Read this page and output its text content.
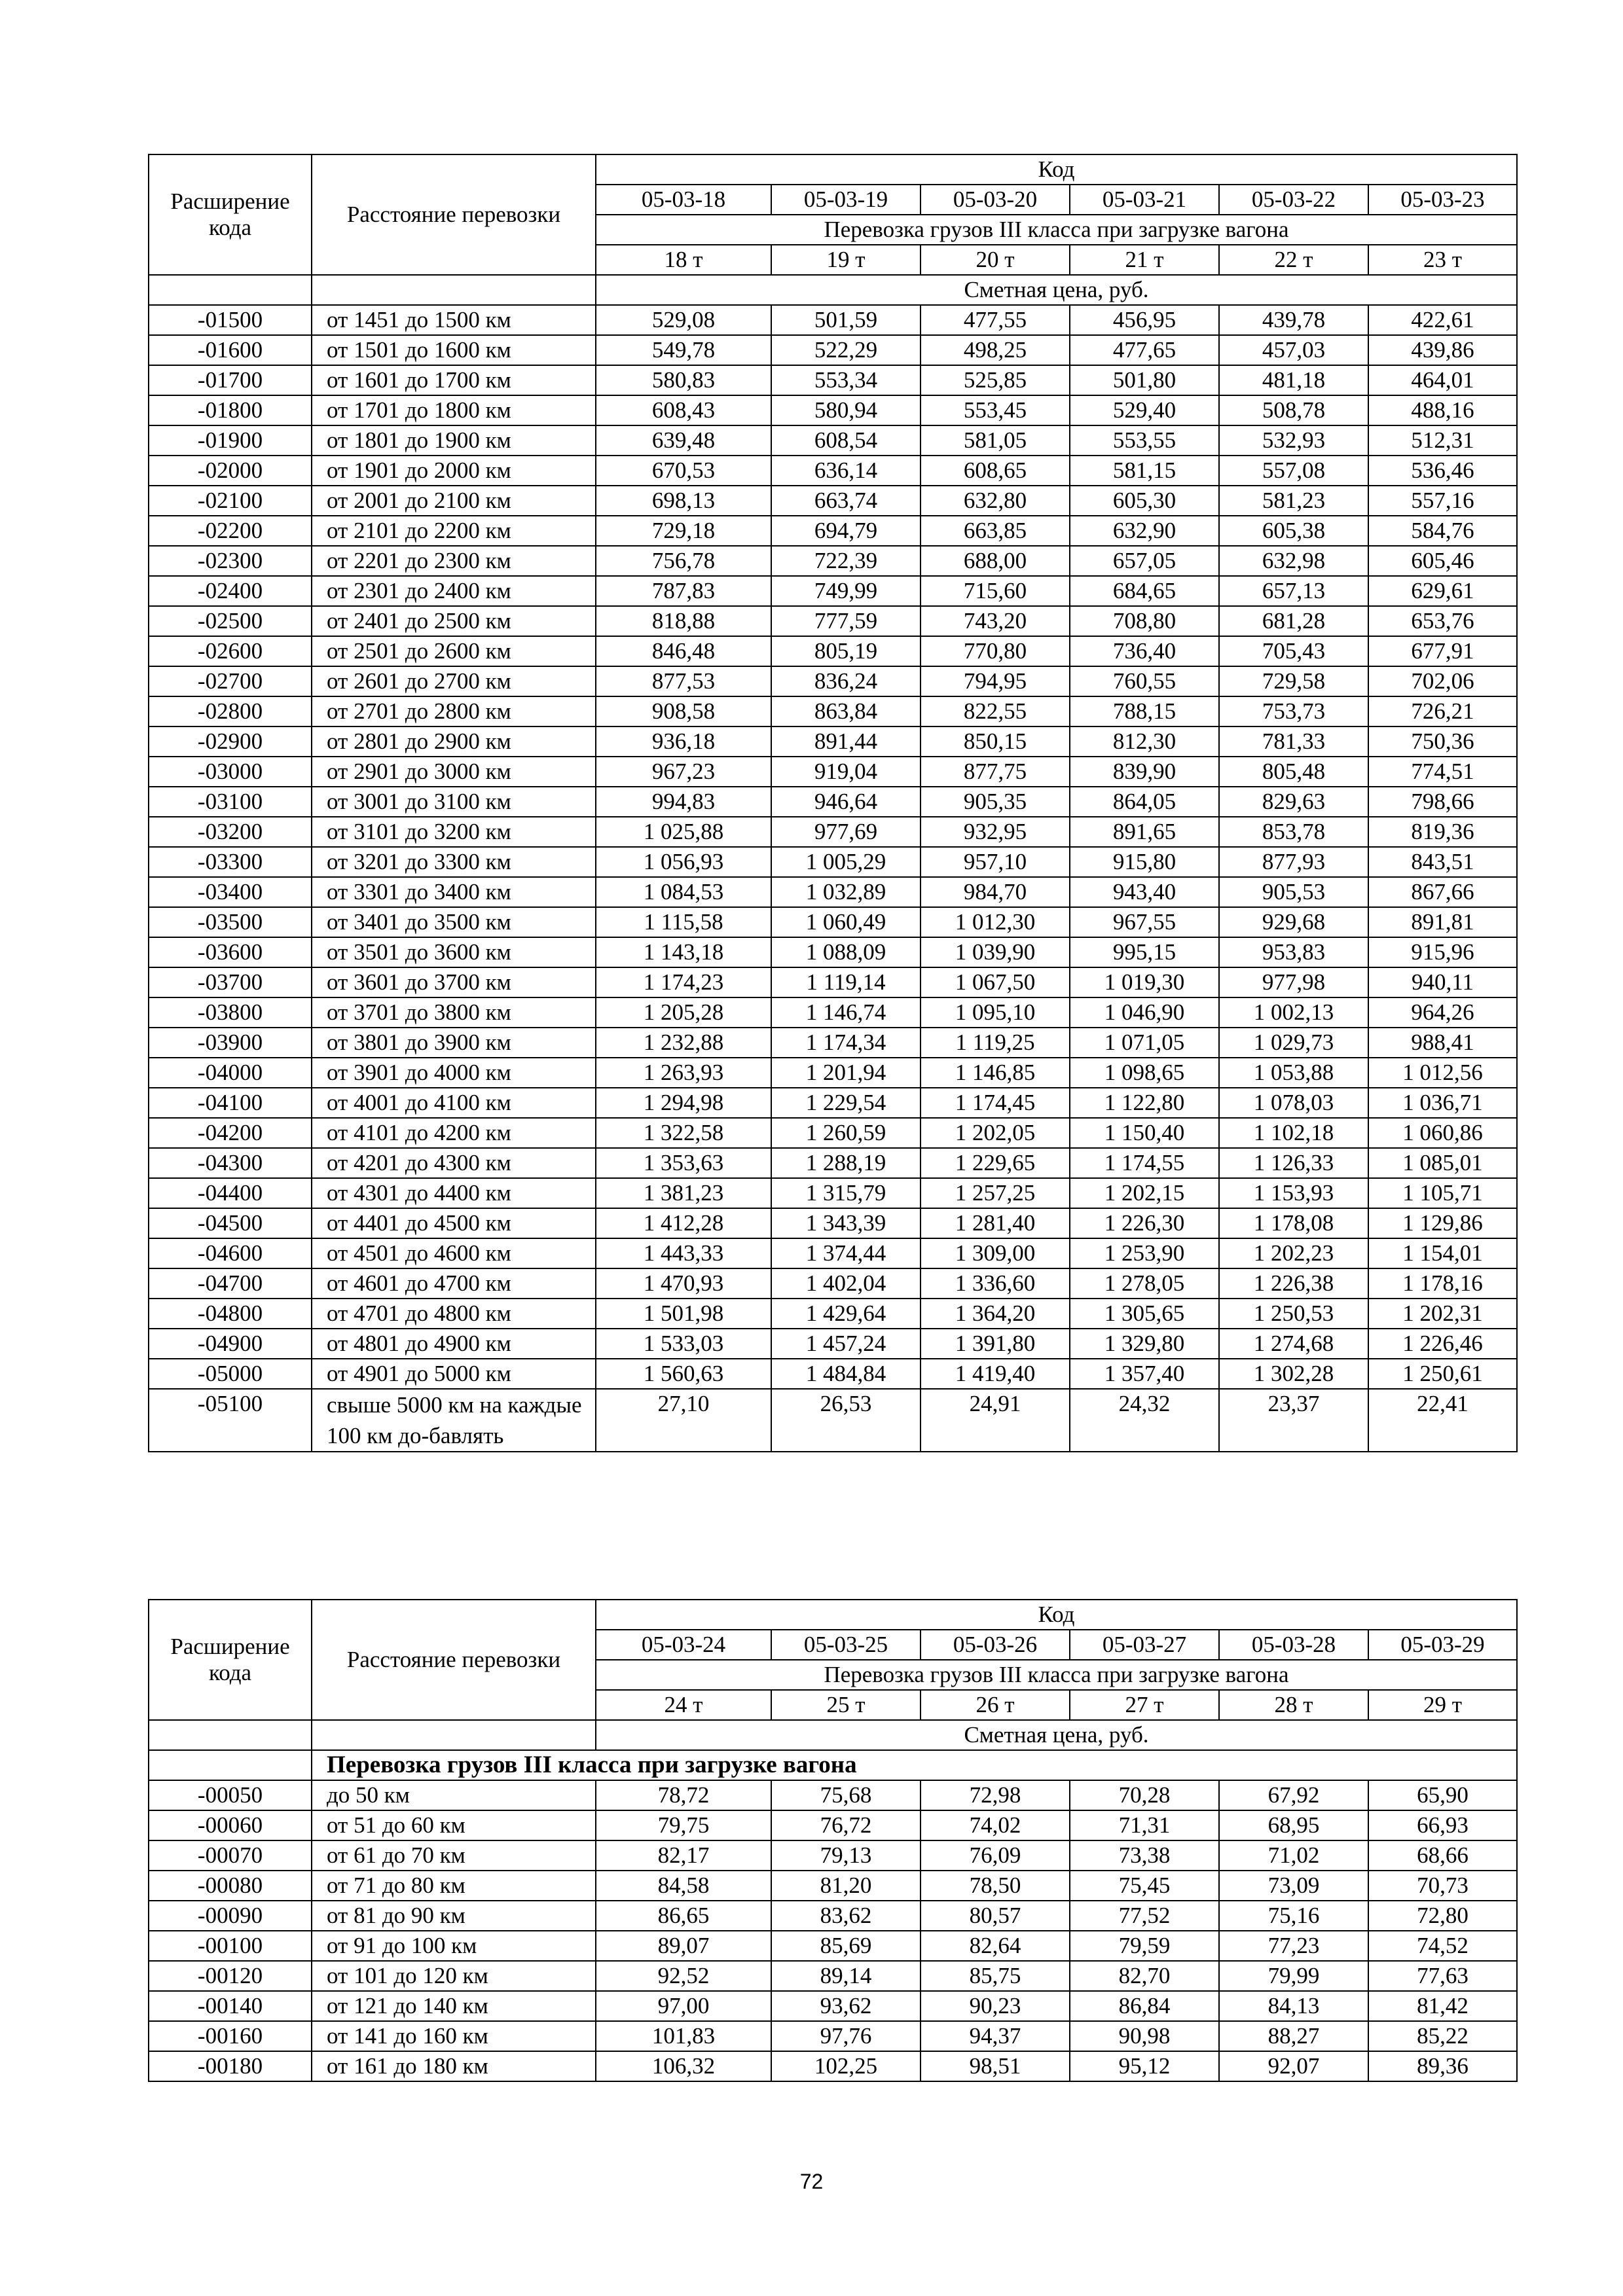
Расширение кода	Расстояние перевозки	Код					
		05-03-18	05-03-19	05-03-20	05-03-21	05-03-22	05-03-23
		Перевозка грузов III класса при загрузке вагона					
		18 т	19 т	20 т	21 т	22 т	23 т
		Сметная цена, руб.					
-01500	от 1451 до 1500 км	529,08	501,59	477,55	456,95	439,78	422,61
-01600	от 1501 до 1600 км	549,78	522,29	498,25	477,65	457,03	439,86
-01700	от 1601 до 1700 км	580,83	553,34	525,85	501,80	481,18	464,01
-01800	от 1701 до 1800 км	608,43	580,94	553,45	529,40	508,78	488,16
-01900	от 1801 до 1900 км	639,48	608,54	581,05	553,55	532,93	512,31
-02000	от 1901 до 2000 км	670,53	636,14	608,65	581,15	557,08	536,46
-02100	от 2001 до 2100 км	698,13	663,74	632,80	605,30	581,23	557,16
-02200	от 2101 до 2200 км	729,18	694,79	663,85	632,90	605,38	584,76
-02300	от 2201 до 2300 км	756,78	722,39	688,00	657,05	632,98	605,46
-02400	от 2301 до 2400 км	787,83	749,99	715,60	684,65	657,13	629,61
-02500	от 2401 до 2500 км	818,88	777,59	743,20	708,80	681,28	653,76
-02600	от 2501 до 2600 км	846,48	805,19	770,80	736,40	705,43	677,91
-02700	от 2601 до 2700 км	877,53	836,24	794,95	760,55	729,58	702,06
-02800	от 2701 до 2800 км	908,58	863,84	822,55	788,15	753,73	726,21
-02900	от 2801 до 2900 км	936,18	891,44	850,15	812,30	781,33	750,36
-03000	от 2901 до 3000 км	967,23	919,04	877,75	839,90	805,48	774,51
-03100	от 3001 до 3100 км	994,83	946,64	905,35	864,05	829,63	798,66
-03200	от 3101 до 3200 км	1 025,88	977,69	932,95	891,65	853,78	819,36
-03300	от 3201 до 3300 км	1 056,93	1 005,29	957,10	915,80	877,93	843,51
-03400	от 3301 до 3400 км	1 084,53	1 032,89	984,70	943,40	905,53	867,66
-03500	от 3401 до 3500 км	1 115,58	1 060,49	1 012,30	967,55	929,68	891,81
-03600	от 3501 до 3600 км	1 143,18	1 088,09	1 039,90	995,15	953,83	915,96
-03700	от 3601 до 3700 км	1 174,23	1 119,14	1 067,50	1 019,30	977,98	940,11
-03800	от 3701 до 3800 км	1 205,28	1 146,74	1 095,10	1 046,90	1 002,13	964,26
-03900	от 3801 до 3900 км	1 232,88	1 174,34	1 119,25	1 071,05	1 029,73	988,41
-04000	от 3901 до 4000 км	1 263,93	1 201,94	1 146,85	1 098,65	1 053,88	1 012,56
-04100	от 4001 до 4100 км	1 294,98	1 229,54	1 174,45	1 122,80	1 078,03	1 036,71
-04200	от 4101 до 4200 км	1 322,58	1 260,59	1 202,05	1 150,40	1 102,18	1 060,86
-04300	от 4201 до 4300 км	1 353,63	1 288,19	1 229,65	1 174,55	1 126,33	1 085,01
-04400	от 4301 до 4400 км	1 381,23	1 315,79	1 257,25	1 202,15	1 153,93	1 105,71
-04500	от 4401 до 4500 км	1 412,28	1 343,39	1 281,40	1 226,30	1 178,08	1 129,86
-04600	от 4501 до 4600 км	1 443,33	1 374,44	1 309,00	1 253,90	1 202,23	1 154,01
-04700	от 4601 до 4700 км	1 470,93	1 402,04	1 336,60	1 278,05	1 226,38	1 178,16
-04800	от 4701 до 4800 км	1 501,98	1 429,64	1 364,20	1 305,65	1 250,53	1 202,31
-04900	от 4801 до 4900 км	1 533,03	1 457,24	1 391,80	1 329,80	1 274,68	1 226,46
-05000	от 4901 до 5000 км	1 560,63	1 484,84	1 419,40	1 357,40	1 302,28	1 250,61
-05100	свыше 5000 км на каждые 100 км до-бавлять	27,10	26,53	24,91	24,32	23,37	22,41
Расширение кода	Расстояние перевозки	Код					
		05-03-24	05-03-25	05-03-26	05-03-27	05-03-28	05-03-29
		Перевозка грузов III класса при загрузке вагона					
		24 т	25 т	26 т	27 т	28 т	29 т
		Сметная цена, руб.					
	Перевозка грузов III класса при загрузке вагона						
-00050	до 50 км	78,72	75,68	72,98	70,28	67,92	65,90
-00060	от 51 до 60 км	79,75	76,72	74,02	71,31	68,95	66,93
-00070	от 61 до 70 км	82,17	79,13	76,09	73,38	71,02	68,66
-00080	от 71 до 80 км	84,58	81,20	78,50	75,45	73,09	70,73
-00090	от 81 до 90 км	86,65	83,62	80,57	77,52	75,16	72,80
-00100	от 91 до 100 км	89,07	85,69	82,64	79,59	77,23	74,52
-00120	от 101 до 120 км	92,52	89,14	85,75	82,70	79,99	77,63
-00140	от 121 до 140 км	97,00	93,62	90,23	86,84	84,13	81,42
-00160	от 141 до 160 км	101,83	97,76	94,37	90,98	88,27	85,22
-00180	от 161 до 180 км	106,32	102,25	98,51	95,12	92,07	89,36
72
